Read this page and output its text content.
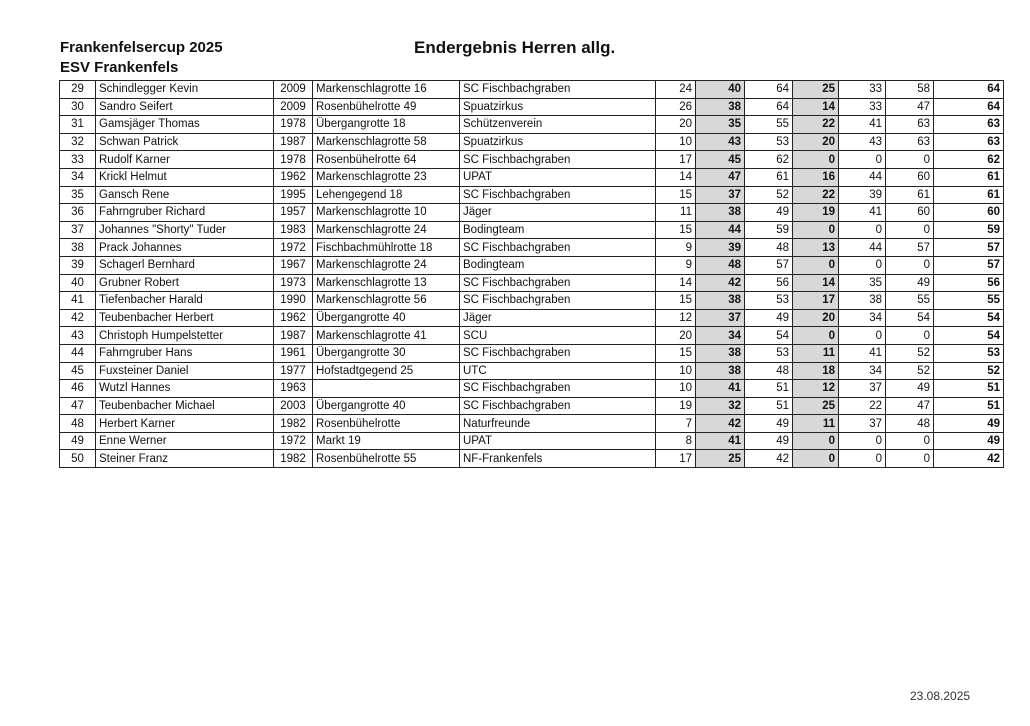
Frankenfelsercup 2025
ESV Frankenfels
Endergebnis Herren allg.
29	Schindlegger Kevin	2009	Markenschlagrotte 16	SC Fischbachgraben	24	40	64	25	33	58	64
30	Sandro Seifert	2009	Rosenbühelrotte 49	Spuatzirkus	26	38	64	14	33	47	64
31	Gamsjäger Thomas	1978	Übergangrotte 18	Schützenverein	20	35	55	22	41	63	63
32	Schwan Patrick	1987	Markenschlagrotte 58	Spuatzirkus	10	43	53	20	43	63	63
33	Rudolf Karner	1978	Rosenbühelrotte 64	SC Fischbachgraben	17	45	62	0	0	0	62
34	Krickl Helmut	1962	Markenschlagrotte 23	UPAT	14	47	61	16	44	60	61
35	Gansch Rene	1995	Lehengegend 18	SC Fischbachgraben	15	37	52	22	39	61	61
36	Fahrngruber Richard	1957	Markenschlagrotte 10	Jäger	11	38	49	19	41	60	60
37	Johannes "Shorty" Tuder	1983	Markenschlagrotte 24	Bodingteam	15	44	59	0	0	0	59
38	Prack Johannes	1972	Fischbachmühlrotte 18	SC Fischbachgraben	9	39	48	13	44	57	57
39	Schagerl Bernhard	1967	Markenschlagrotte 24	Bodingteam	9	48	57	0	0	0	57
40	Grubner Robert	1973	Markenschlagrotte 13	SC Fischbachgraben	14	42	56	14	35	49	56
41	Tiefenbacher Harald	1990	Markenschlagrotte 56	SC Fischbachgraben	15	38	53	17	38	55	55
42	Teubenbacher Herbert	1962	Übergangrotte 40	Jäger	12	37	49	20	34	54	54
43	Christoph Humpelstetter	1987	Markenschlagrotte 41	SCU	20	34	54	0	0	0	54
44	Fahrngruber Hans	1961	Übergangrotte 30	SC Fischbachgraben	15	38	53	11	41	52	53
45	Fuxsteiner Daniel	1977	Hofstadtgegend 25	UTC	10	38	48	18	34	52	52
46	Wutzl Hannes	1963		SC Fischbachgraben	10	41	51	12	37	49	51
47	Teubenbacher Michael	2003	Übergangrotte 40	SC Fischbachgraben	19	32	51	25	22	47	51
48	Herbert Karner	1982	Rosenbühelrotte	Naturfreunde	7	42	49	11	37	48	49
49	Enne Werner	1972	Markt 19	UPAT	8	41	49	0	0	0	49
50	Steiner Franz	1982	Rosenbühelrotte 55	NF-Frankenfels	17	25	42	0	0	0	42
23.08.2025
